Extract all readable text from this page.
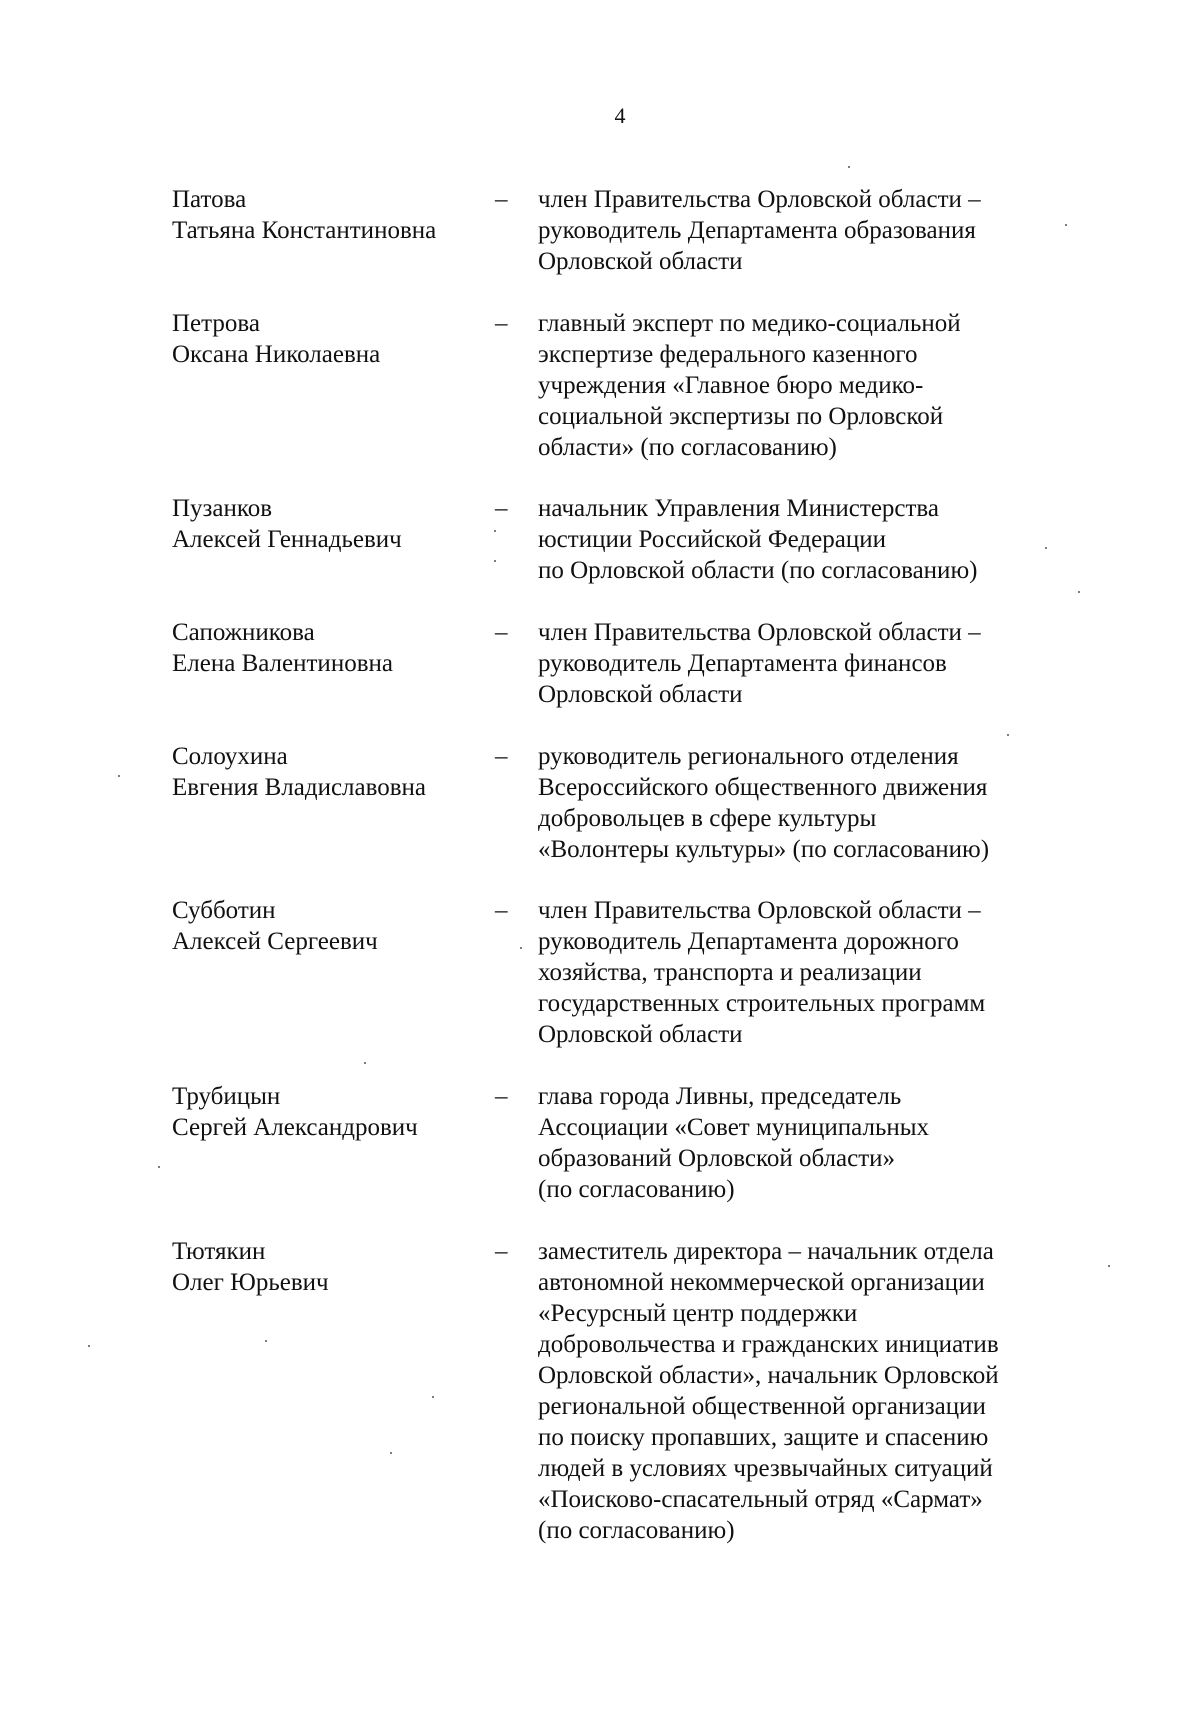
4
Патова
Татьяна Константиновна
– член Правительства Орловской области –
руководитель Департамента образования
Орловской области
Петрова
Оксана Николаевна
– главный эксперт по медико-социальной
экспертизе федерального казенного
учреждения «Главное бюро медико-
социальной экспертизы по Орловской
области» (по согласованию)
Пузанков
Алексей Геннадьевич
– начальник Управления Министерства
юстиции Российской Федерации
по Орловской области (по согласованию)
Сапожникова
Елена Валентиновна
– член Правительства Орловской области –
руководитель Департамента финансов
Орловской области
Солоухина
Евгения Владиславовна
– руководитель регионального отделения
Всероссийского общественного движения
добровольцев в сфере культуры
«Волонтеры культуры» (по согласованию)
Субботин
Алексей Сергеевич
– член Правительства Орловской области –
руководитель Департамента дорожного
хозяйства, транспорта и реализации
государственных строительных программ
Орловской области
Трубицын
Сергей Александрович
– глава города Ливны, председатель
Ассоциации «Совет муниципальных
образований Орловской области»
(по согласованию)
Тютякин
Олег Юрьевич
– заместитель директора – начальник отдела
автономной некоммерческой организации
«Ресурсный центр поддержки
добровольчества и гражданских инициатив
Орловской области», начальник Орловской
региональной общественной организации
по поиску пропавших, защите и спасению
людей в условиях чрезвычайных ситуаций
«Поисково-спасательный отряд «Сармат»
(по согласованию)
